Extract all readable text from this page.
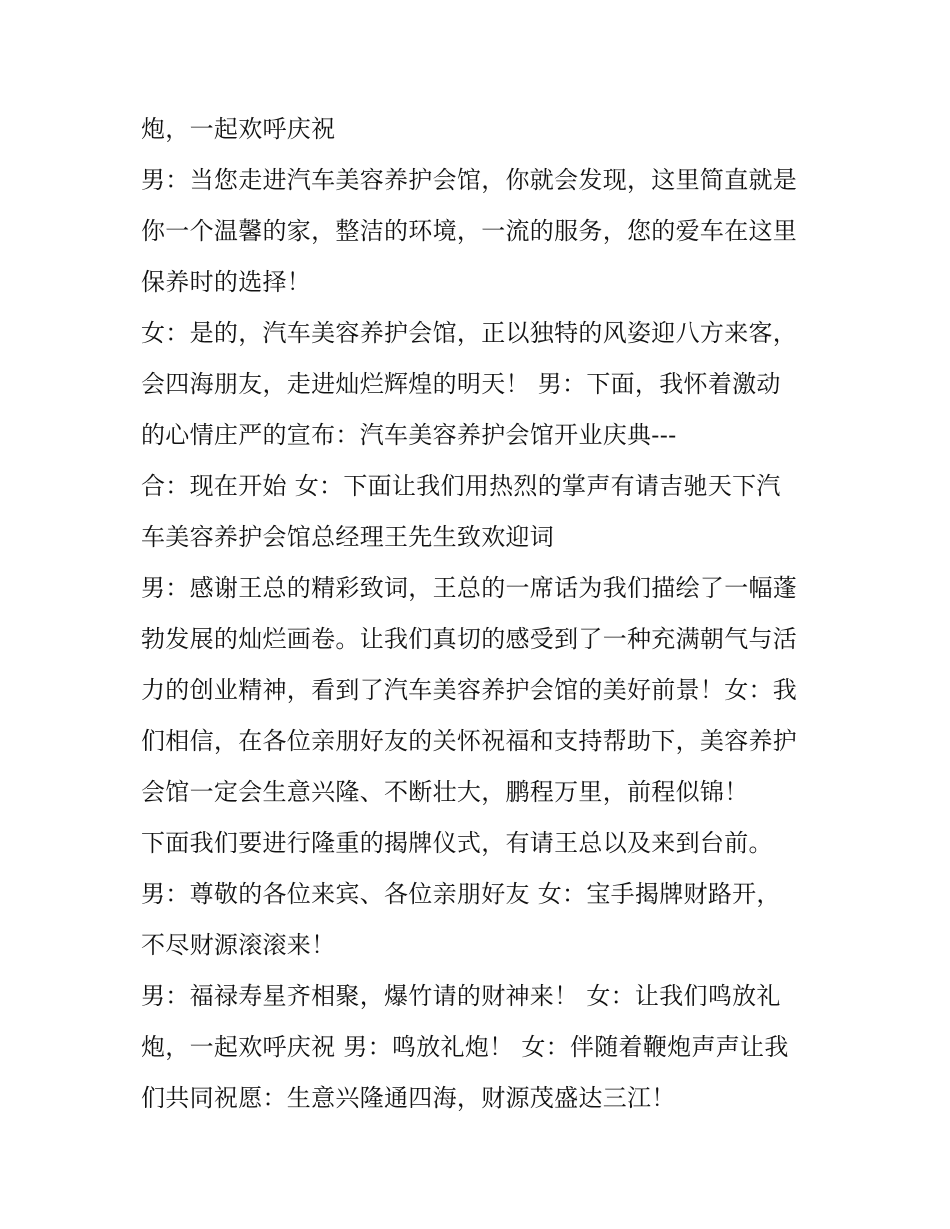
炮，一起欢呼庆祝
男：当您走进汽车美容养护会馆，你就会发现，这里简直就是
你一个温馨的家，整洁的环境，一流的服务，您的爱车在这里
保养时的选择！
女：是的，汽车美容养护会馆，正以独特的风姿迎八方来客，
会四海朋友，走进灿烂辉煌的明天！ 男：下面，我怀着激动
的心情庄严的宣布：汽车美容养护会馆开业庆典---
合：现在开始 女：下面让我们用热烈的掌声有请吉驰天下汽
车美容养护会馆总经理王先生致欢迎词
男：感谢王总的精彩致词，王总的一席话为我们描绘了一幅蓬
勃发展的灿烂画卷。让我们真切的感受到了一种充满朝气与活
力的创业精神，看到了汽车美容养护会馆的美好前景！女：我
们相信，在各位亲朋好友的关怀祝福和支持帮助下，美容养护
会馆一定会生意兴隆、不断壮大，鹏程万里，前程似锦！
下面我们要进行隆重的揭牌仪式，有请王总以及来到台前。
男：尊敬的各位来宾、各位亲朋好友 女：宝手揭牌财路开，
不尽财源滚滚来！
男：福禄寿星齐相聚，爆竹请的财神来！ 女：让我们鸣放礼
炮，一起欢呼庆祝 男：鸣放礼炮！ 女：伴随着鞭炮声声让我
们共同祝愿：生意兴隆通四海，财源茂盛达三江！
